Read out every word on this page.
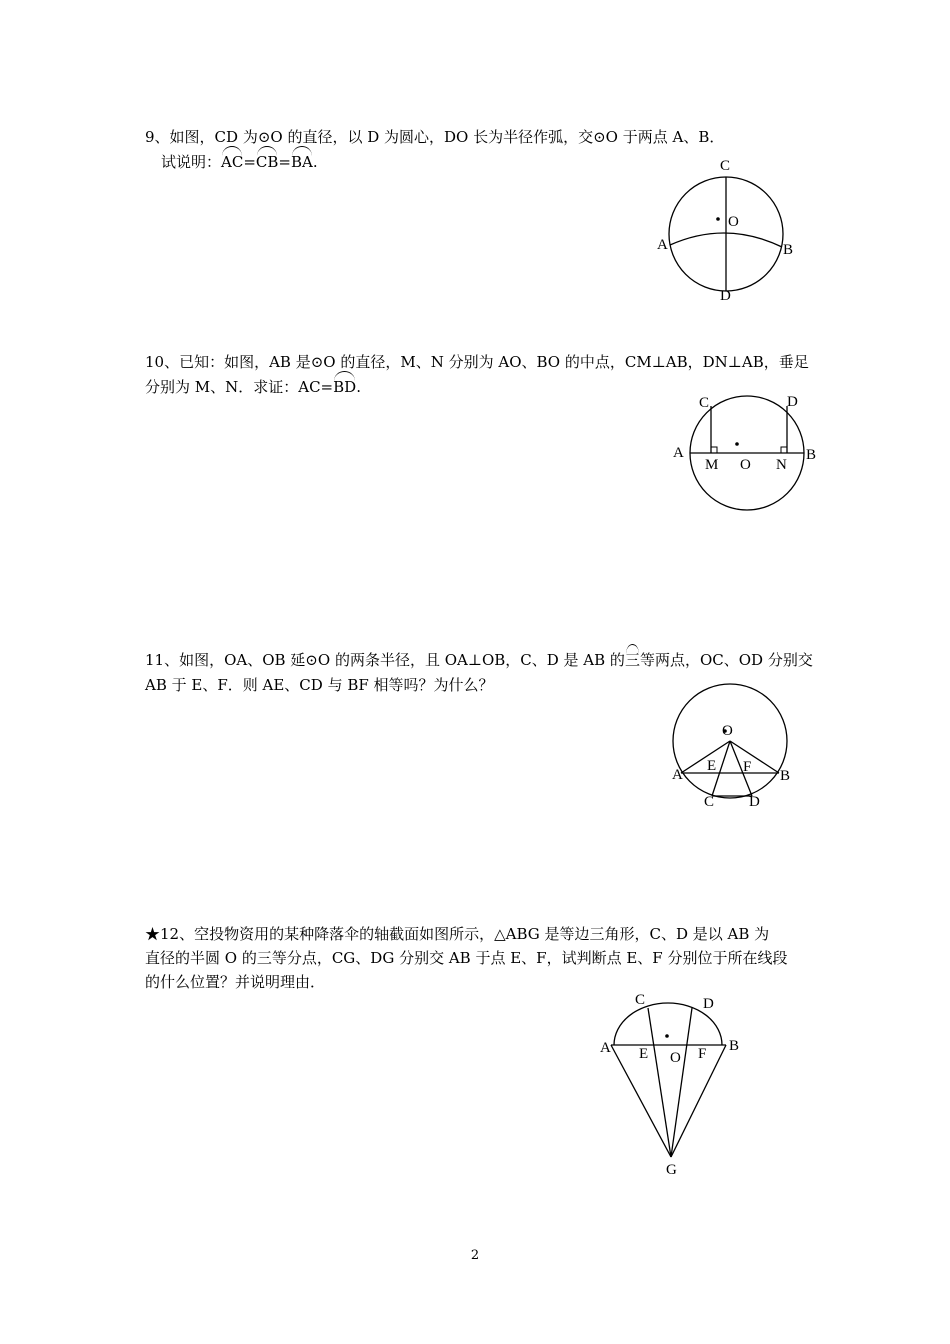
9、如图，CD 为⊙O 的直径，以 D 为圆心，DO 长为半径作弧，交⊙O 于两点 A、B．
试说明：AC=CB=BA.	C
O
A	B
D
10、已知：如图，AB 是⊙O 的直径，M、N 分别为 AO、BO 的中点，CM⊥AB，DN⊥AB，垂足
分别为 M、N．求证：AC=BD.
C	D
A	B
M O N
11、如图，OA、OB 延⊙O 的两条半径，且 OA⊥OB，C、D 是 AB 的三等两点，OC、OD 分别交
AB 于 E、F．则 AE、CD 与 BF 相等吗？为什么？
O
A	B
E F
C D
★12、空投物资用的某种降落伞的轴截面如图所示，△ABG 是等边三角形，C、D 是以 AB 为
直径的半圆 O 的三等分点，CG、DG 分别交 AB 于点 E、F，试判断点 E、F 分别位于所在线段
的什么位置？并说明理由．
C	D
A	B
E O F
G
2
